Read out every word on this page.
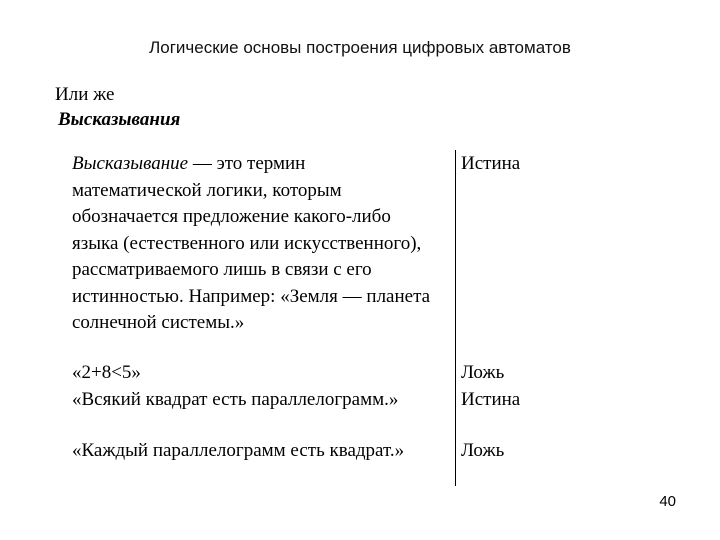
Логические основы построения цифровых автоматов
Или же
Высказывания
Высказывание — это термин
математической логики, которым
обозначается предложение какого-либо
языка (естественного или искусственного),
рассматриваемого лишь в связи с его
истинностью. Например: «Земля — планета
солнечной системы.»
Истина
«2+8<5»
«Всякий квадрат есть параллелограмм.»
Ложь
Истина
«Каждый параллелограмм есть квадрат.»	Ложь
40
